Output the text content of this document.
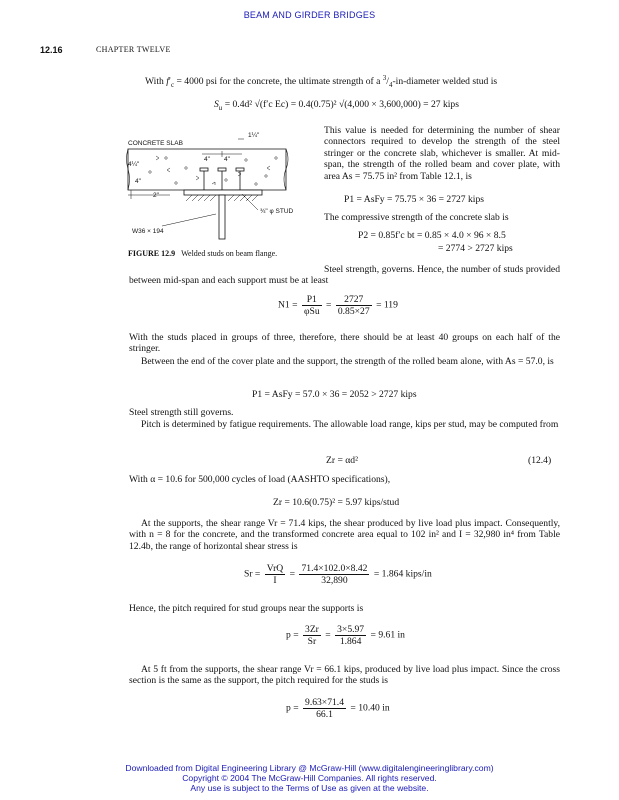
BEAM AND GIRDER BRIDGES
12.16	CHAPTER TWELVE
With $f'_c = 4000$ psi for the concrete, the ultimate strength of a $^3/_4-in$-diameter welded stud is
$S_u = 0.4d^2$ √(f′c Ec) = 0.4(0.75)² √(4,000 × 3,600,000) = 27 kips
CONCRETE SLAB
1¼"
4¼"
4" 4"
4"
2"
¾" φ STUD
W36 × 194
FIGURE 12.9 Welded studs on beam flange.
This value is needed for determining the number of shear connectors required to develop the strength of the steel stringer or the concrete slab, whichever is smaller. At mid-span, the strength of the rolled beam and cover plate, with area As = 75.75 in² from Table 12.1, is
P1 = AsFy = 75.75 × 36 = 2727 kips
The compressive strength of the concrete slab is
P2 = 0.85f′c bt = 0.85 × 4.0 × 96 × 8.5
= 2774 > 2727 kips
Steel strength, governs. Hence, the number of studs provided between mid-span and each support must be at least
$N1 = \frac{P1}{\text{φSu}} = \frac{2727}{0.85\times 27} = 119$
With the studs placed in groups of three, therefore, there should be at least 40 groups on each half of the stringer.
Between the end of the cover plate and the support, the strength of the rolled beam alone, with As = 57.0, is
P1 = AsFy = 57.0 × 36 = 2052 > 2727 kips
Steel strength still governs.
Pitch is determined by fatigue requirements. The allowable load range, kips per stud, may be computed from
Zr = αd²	(12.4)
With α = 10.6 for 500,000 cycles of load (AASHTO specifications),
Zr = 10.6(0.75)² = 5.97 kips/stud
At the supports, the shear range Vr = 71.4 kips, the shear produced by live load plus impact. Consequently, with n = 8 for the concrete, and the transformed concrete area equal to 102 in² and I = 32,980 in⁴ from Table 12.4b, the range of horizontal shear stress is
$Sr = \frac{\text{VrQ}}{I} = \frac{71.4\times 102.0\times 8.42}{32,890} = 1.864$ kips/in
Hence, the pitch required for stud groups near the supports is
$p = \frac{3Zr}{Sr} = \frac{3\times 5.97}{1.864} = 9.61$ in
At 5 ft from the supports, the shear range Vr = 66.1 kips, produced by live load plus impact. Since the cross section is the same as the support, the pitch required for the studs is
$p = \frac{9.63\times 71.4}{66.1} = 10.40$ in
Downloaded from Digital Engineering Library @ McGraw-Hill (www.digitalengineeringlibrary.com)
Copyright © 2004 The McGraw-Hill Companies. All rights reserved.
Any use is subject to the Terms of Use as given at the website.
